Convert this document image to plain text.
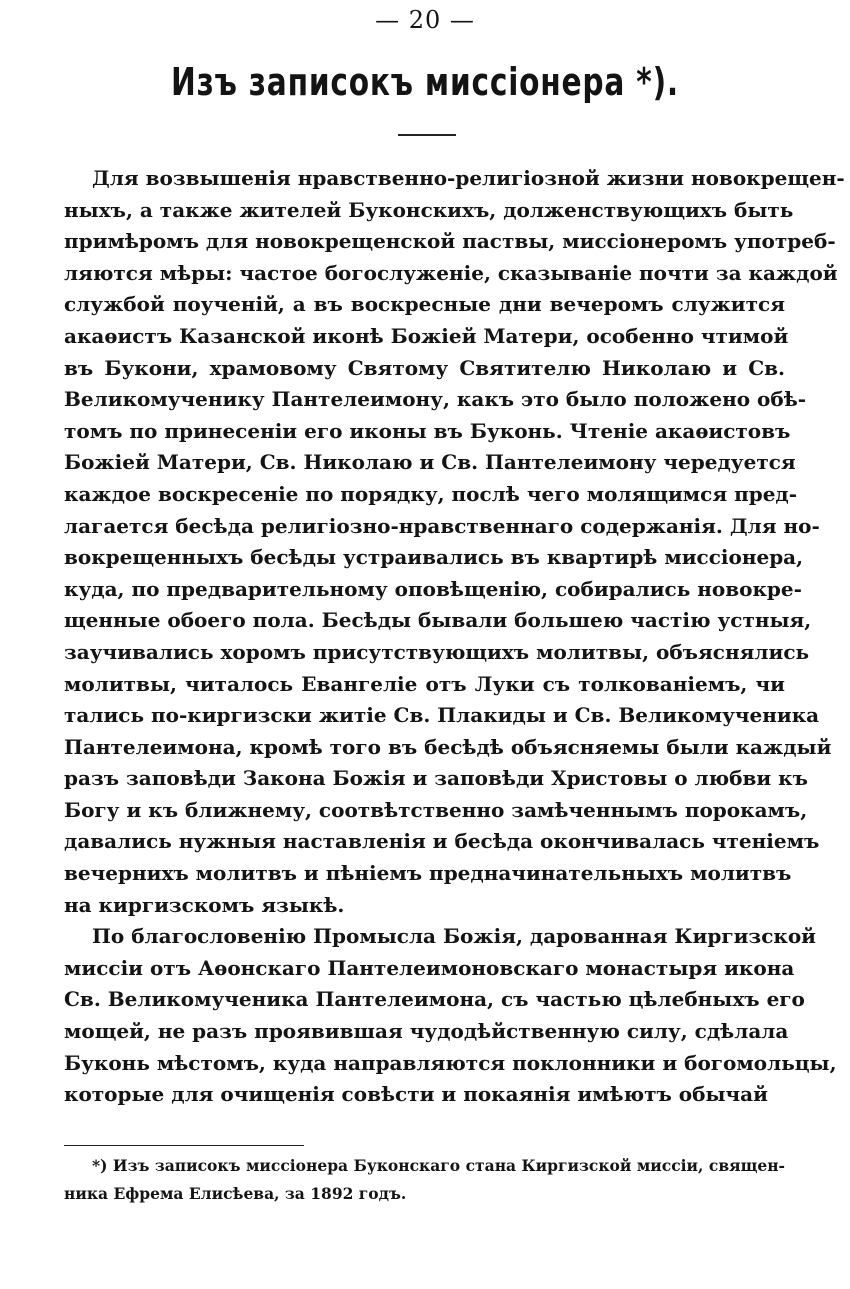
— 20 —
Изъ записокъ миссiонера *).
Для возвышенiя нравственно-религiозной жизни новокрещен-
ныхъ, а также жителей Буконскихъ, долженствующихъ быть
примѣромъ для новокрещенской паствы, миссiонеромъ употреб-
ляются мѣры: частое богослуженiе, сказыванiе почти за каждой
службой поученiй, а въ воскресные дни вечеромъ служится
акаѳистъ Казанской иконѣ Божiей Матери, особенно чтимой
въ Букони, храмовому Святому Святителю Николаю и Св.
Великомученику Пантелеимону, какъ это было положено обѣ-
томъ по принесенiи его иконы въ Буконь. Чтенiе акаѳистовъ
Божiей Матери, Св. Николаю и Св. Пантелеимону чередуется
каждое воскресенiе по порядку, послѣ чего молящимся пред-
лагается бесѣда религiозно-нравственнаго содержанiя. Для но-
вокрещенныхъ бесѣды устраивались въ квартирѣ миссiонера,
куда, по предварительному оповѣщенiю, собирались новокре-
щенные обоего пола. Бесѣды бывали большею частiю устныя,
заучивались хоромъ присутствующихъ молитвы, объяснялись
молитвы, читалось Евангелiе отъ Луки съ толкованiемъ, чи
тались по-киргизски житiе Св. Плакиды и Св. Великомученика
Пантелеимона, кромѣ того въ бесѣдѣ объясняемы были каждый
разъ заповѣди Закона Божiя и заповѣди Христовы о любви къ
Богу и къ ближнему, соотвѣтственно замѣченнымъ порокамъ,
давались нужныя наставленiя и бесѣда окончивалась чтенiемъ
вечернихъ молитвъ и пѣнiемъ предначинательныхъ молитвъ
на киргизскомъ языкѣ.
По благословенiю Промысла Божiя, дарованная Киргизской
миссiи отъ Аѳонскаго Пантелеимоновскаго монастыря икона
Св. Великомученика Пантелеимона, съ частью цѣлебныхъ его
мощей, не разъ проявившая чудодѣйственную силу, сдѣлала
Буконь мѣстомъ, куда направляются поклонники и богомольцы,
которые для очищенiя совѣсти и покаянiя имѣютъ обычай
*) Изъ записокъ миссiонера Буконскаго стана Киргизской миссiи, священ-
ника Ефрема Елисѣева, за 1892 годъ.
